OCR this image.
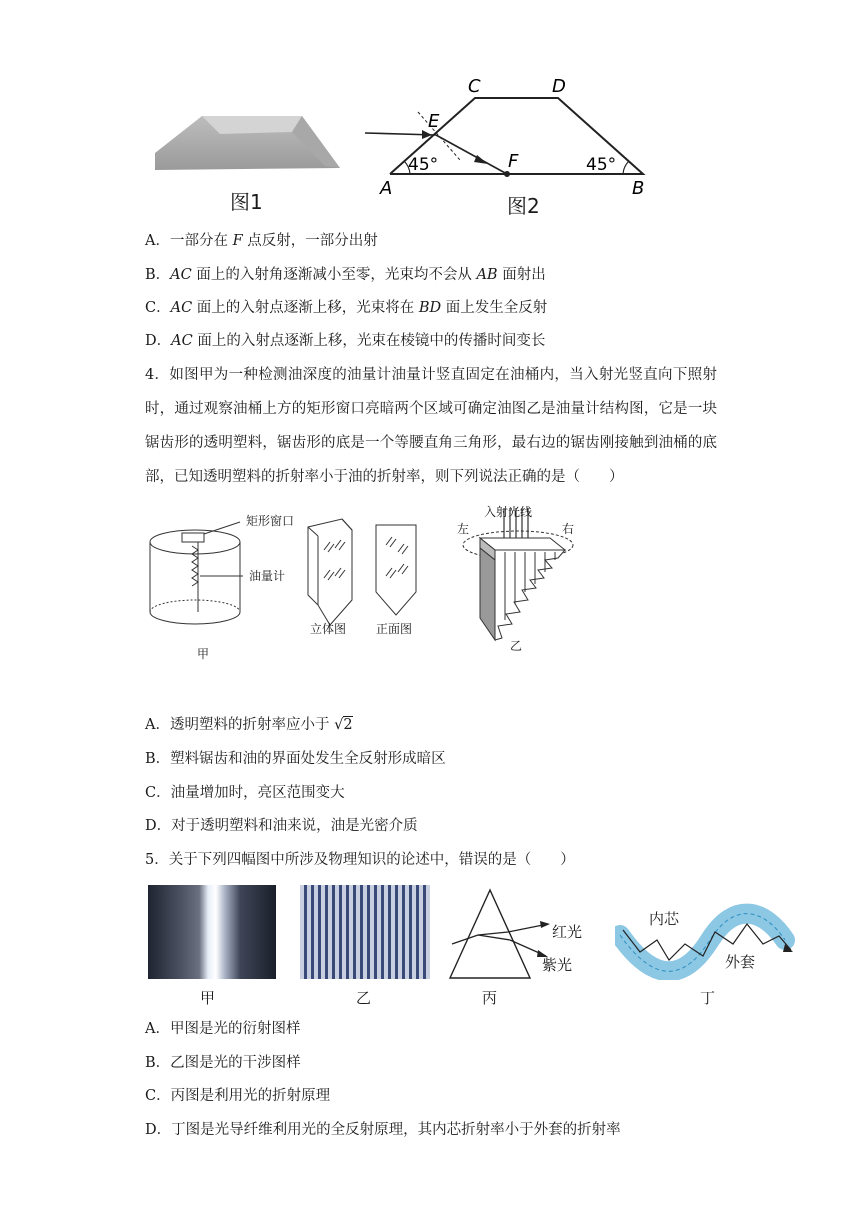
图1
C	D
E
F
A	B
45°	45°
图2
A．一部分在 F 点反射，一部分出射
B．AC 面上的入射角逐渐减小至零，光束均不会从 AB 面射出
C．AC 面上的入射点逐渐上移，光束将在 BD 面上发生全反射
D．AC 面上的入射点逐渐上移，光束在棱镜中的传播时间变长
4．如图甲为一种检测油深度的油量计油量计竖直固定在油桶内，当入射光竖直向下照射时，通过观察油桶上方的矩形窗口亮暗两个区域可确定油图乙是油量计结构图，它是一块锯齿形的透明塑料，锯齿形的底是一个等腰直角三角形，最右边的锯齿刚接触到油桶的底部，已知透明塑料的折射率小于油的折射率，则下列说法正确的是（　　）
矩形窗口
油量计
甲
立体图 正面图
入射光线
左	右
乙
A．透明塑料的折射率应小于 √2
B．塑料锯齿和油的界面处发生全反射形成暗区
C．油量增加时，亮区范围变大
D．对于透明塑料和油来说，油是光密介质
5．关于下列四幅图中所涉及物理知识的论述中，错误的是（　　）
红光
紫光
内芯
外套
甲	乙	丙	丁
A．甲图是光的衍射图样
B．乙图是光的干涉图样
C．丙图是利用光的折射原理
D．丁图是光导纤维利用光的全反射原理，其内芯折射率小于外套的折射率
